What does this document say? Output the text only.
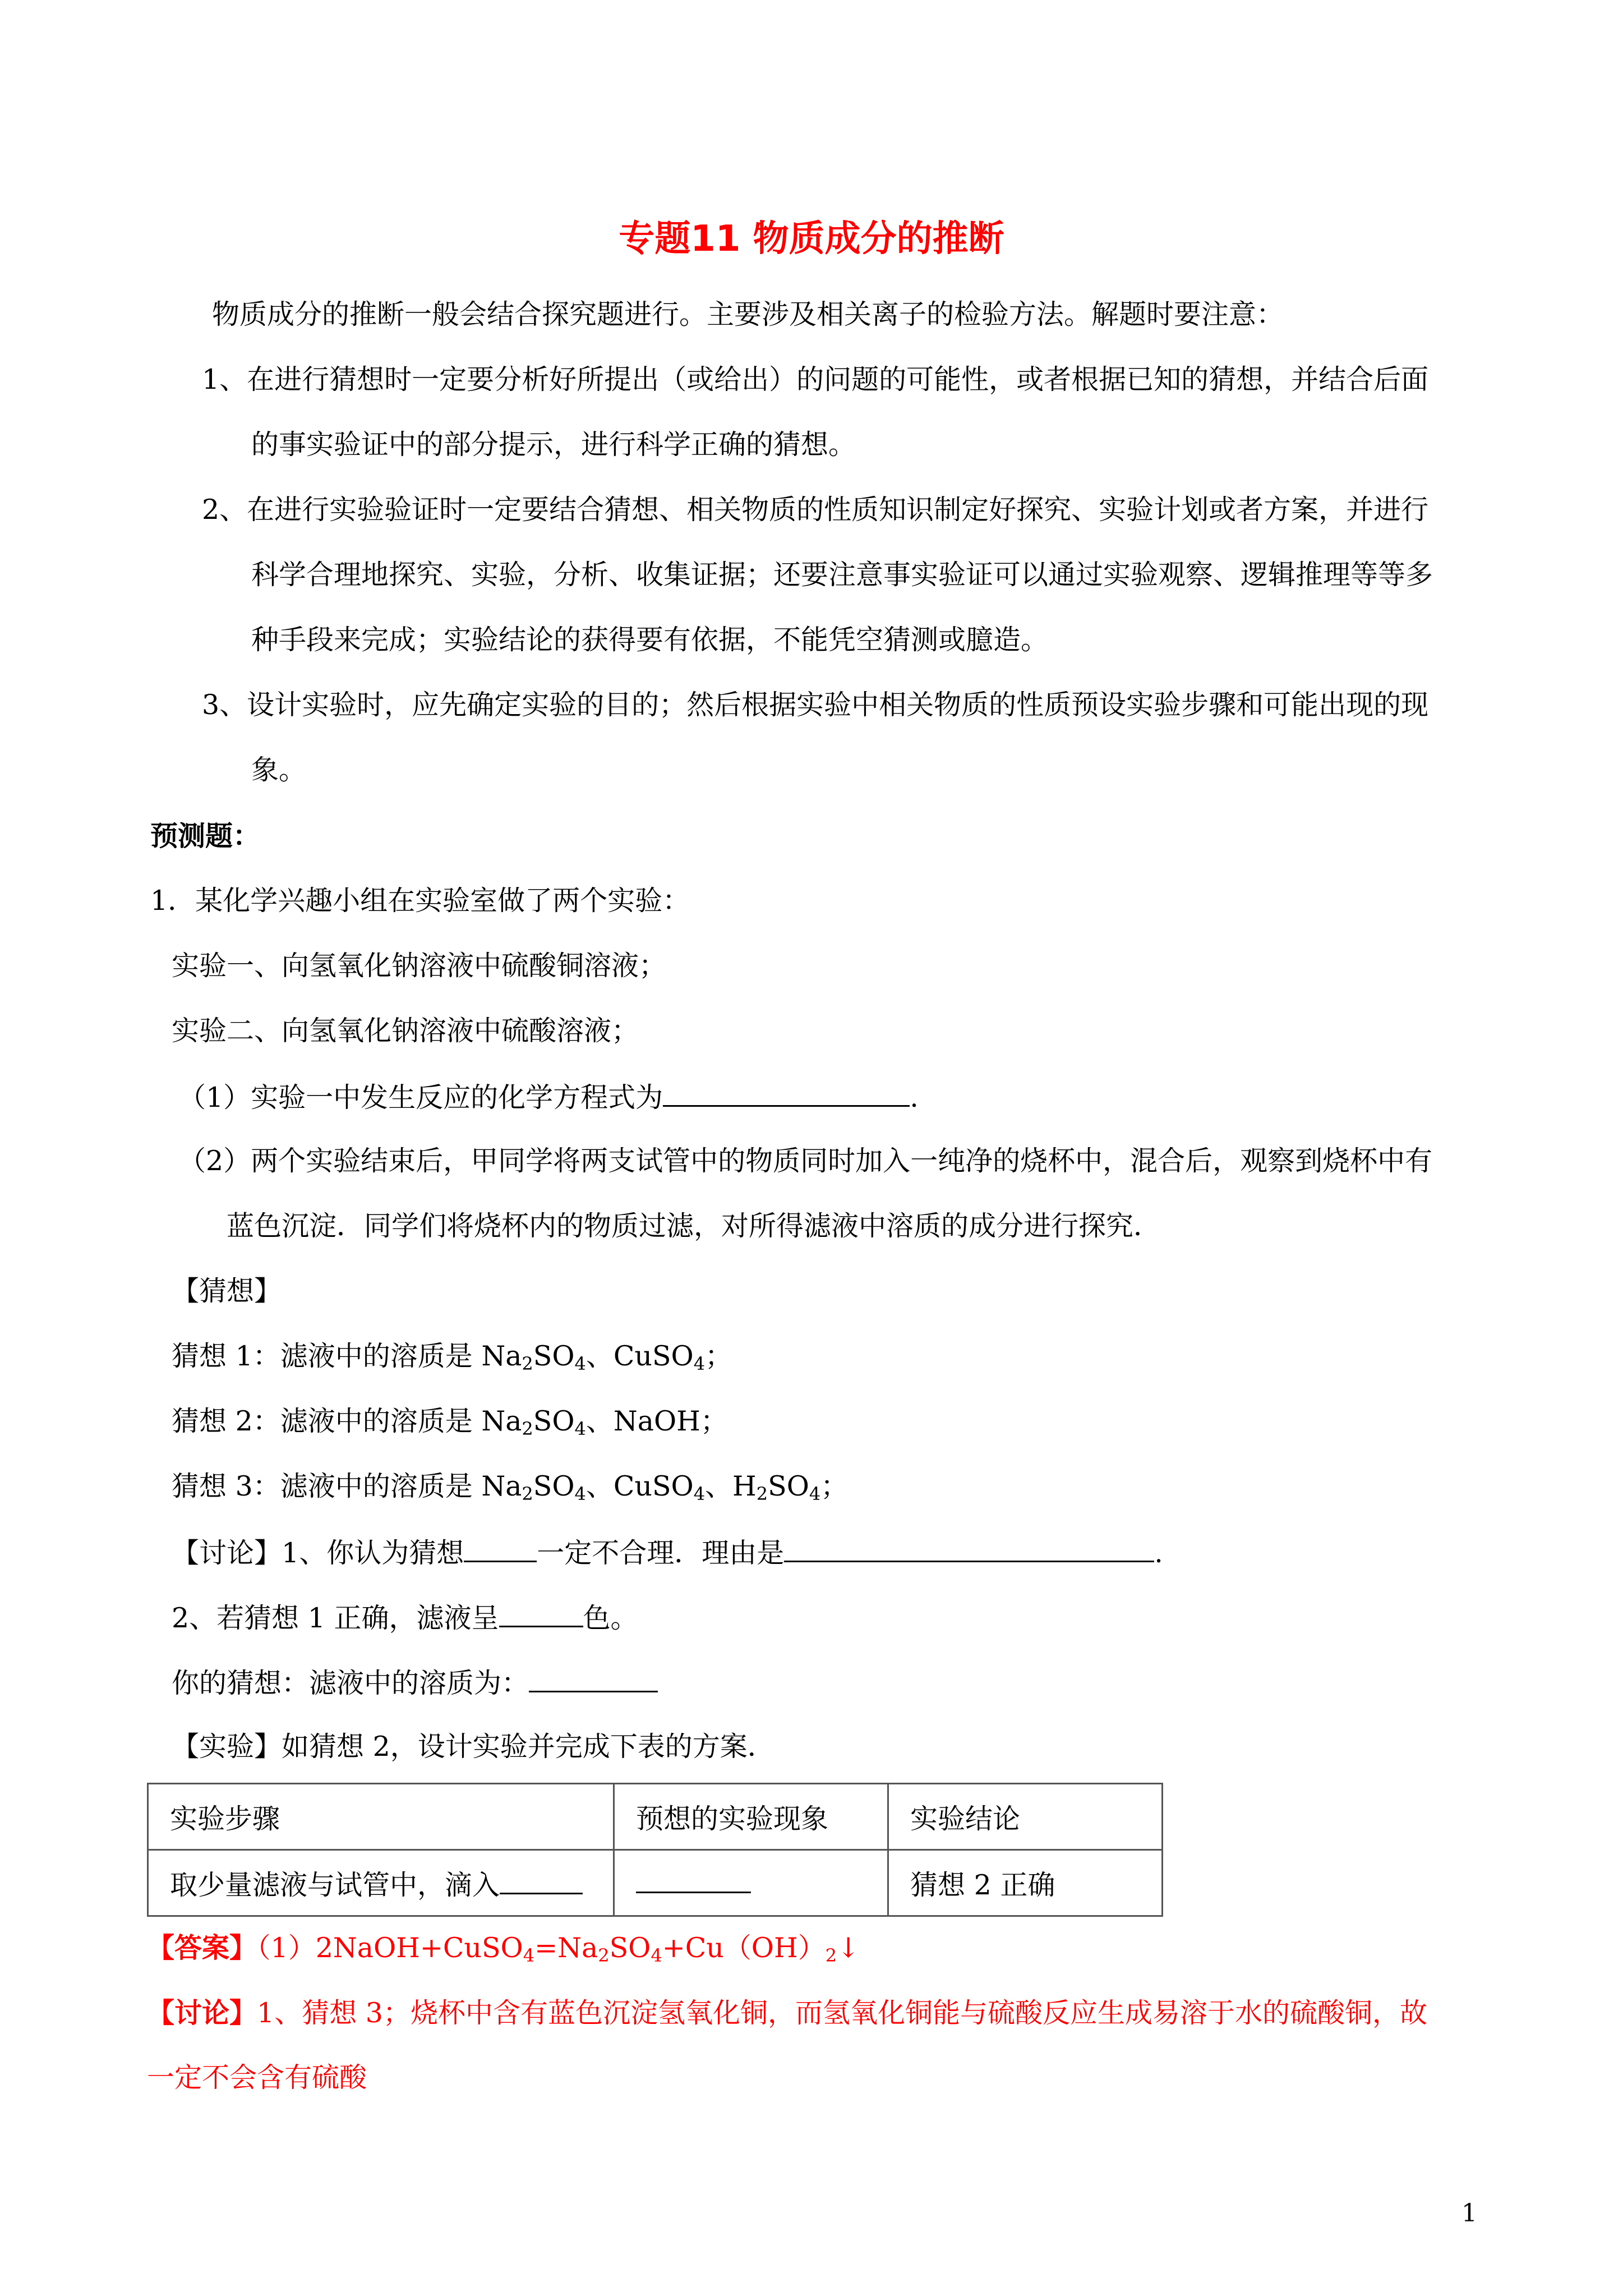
专题11 物质成分的推断
物质成分的推断一般会结合探究题进行。主要涉及相关离子的检验方法。解题时要注意：
1、在进行猜想时一定要分析好所提出（或给出）的问题的可能性，或者根据已知的猜想，并结合后面
的事实验证中的部分提示，进行科学正确的猜想。
2、在进行实验验证时一定要结合猜想、相关物质的性质知识制定好探究、实验计划或者方案，并进行
科学合理地探究、实验，分析、收集证据；还要注意事实验证可以通过实验观察、逻辑推理等等多
种手段来完成；实验结论的获得要有依据，不能凭空猜测或臆造。
3、设计实验时，应先确定实验的目的；然后根据实验中相关物质的性质预设实验步骤和可能出现的现
象。
预测题：
1．某化学兴趣小组在实验室做了两个实验：
实验一、向氢氧化钠溶液中硫酸铜溶液；
实验二、向氢氧化钠溶液中硫酸溶液；
（1）实验一中发生反应的化学方程式为	.
（2）两个实验结束后，甲同学将两支试管中的物质同时加入一纯净的烧杯中，混合后，观察到烧杯中有
蓝色沉淀．同学们将烧杯内的物质过滤，对所得滤液中溶质的成分进行探究．
【猜想】
猜想 1：滤液中的溶质是 $Na_2SO_4$、CuSO$_4$；
猜想 2：滤液中的溶质是 $Na_2SO_4$、NaOH；
猜想 3：滤液中的溶质是 $Na_2SO_4$、CuSO$_4$、$H_2SO_4$；
【讨论】1、你认为猜想	一定不合理．理由是	.
2、若猜想 1 正确，滤液呈	色。
你的猜想：滤液中的溶质为：
【实验】如猜想 2，设计实验并完成下表的方案．
实验步骤	预想的实验现象	实验结论
取少量滤液与试管中，滴入		猜想 2 正确
【答案】$(1)2NaOH+CuSO_4=Na_2SO_4+Cu(OH)_2↓$
【讨论】1、猜想 3；烧杯中含有蓝色沉淀氢氧化铜，而氢氧化铜能与硫酸反应生成易溶于水的硫酸铜，故
一定不会含有硫酸
1
